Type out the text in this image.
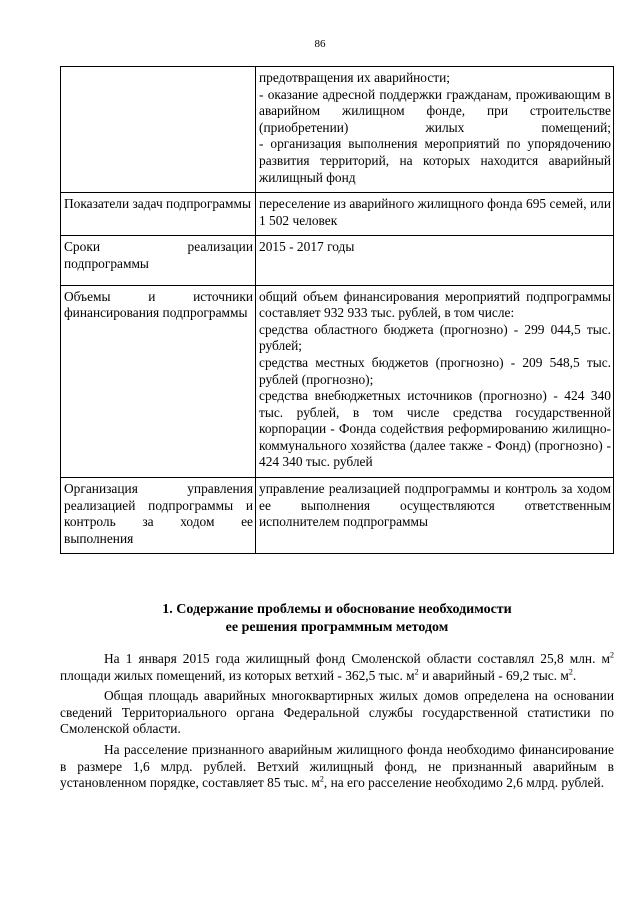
86

	предотвращения их аварийности;

- оказание адресной поддержки гражданам, проживающим в аварийном жилищном фонде, при строительстве (приобретении) жилых помещений;

- организация выполнения мероприятий по упорядочению развития территорий, на которых находится аварийный жилищный фонд

Показатели задач подпрограммы	переселение из аварийного жилищного фонда 695 семей, или 1 502 человек

Сроки реализации подпрограммы	2015 - 2017 годы

Объемы и источники финансирования подпрограммы	общий объем финансирования мероприятий подпрограммы составляет 932 933 тыс. рублей, в том числе:

средства областного бюджета (прогнозно) - 299 044,5 тыс. рублей;

средства местных бюджетов (прогнозно) - 209 548,5 тыс. рублей (прогнозно);

средства внебюджетных источников (прогнозно) - 424 340 тыс. рублей, в том числе средства государственной корпорации - Фонда содействия реформированию жилищно-коммунального хозяйства (далее также - Фонд) (прогнозно) - 424 340 тыс. рублей

Организация управления реализацией подпрограммы и контроль за ходом ее выполнения	управление реализацией подпрограммы и контроль за ходом ее выполнения осуществляются ответственным исполнителем подпрограммы

1. Содержание проблемы и обоснование необходимости
ее решения программным методом

На 1 января 2015 года жилищный фонд Смоленской области составлял 25,8 млн. $м^2$ площади жилых помещений, из которых ветхий - 362,5 тыс. $м^2$ и аварийный - 69,2 тыс. $м^2$.

Общая площадь аварийных многоквартирных жилых домов определена на основании сведений Территориального органа Федеральной службы государственной статистики по Смоленской области.

На расселение признанного аварийным жилищного фонда необходимо финансирование в размере 1,6 млрд. рублей. Ветхий жилищный фонд, не признанный аварийным в установленном порядке, составляет 85 тыс. $м^2$, на его расселение необходимо 2,6 млрд. рублей.
